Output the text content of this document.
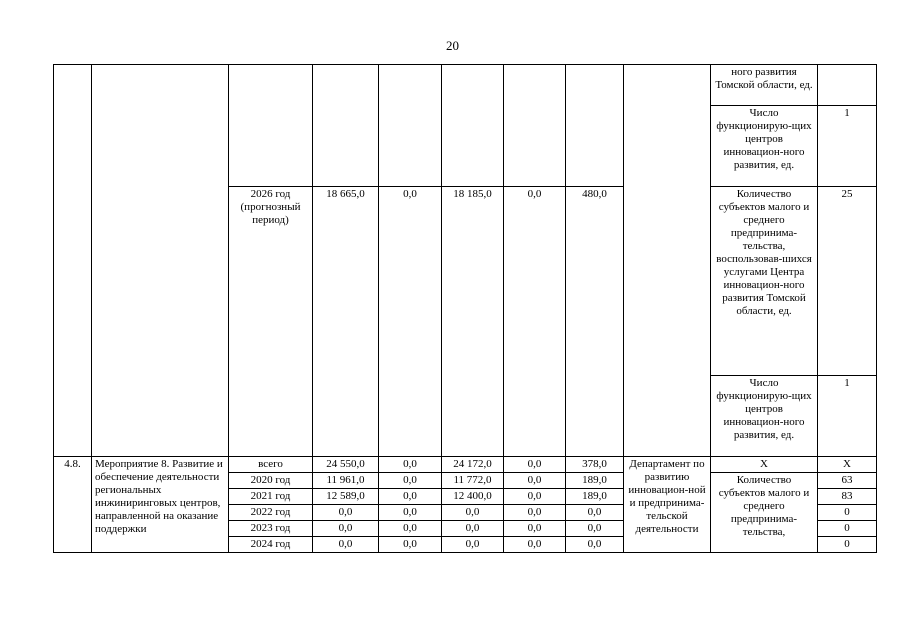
20
									ного развития Томской области, ед.	
									Число функционирую-щих центров инновацион-ного развития, ед.	1
		2026 год (прогнозный период)	18 665,0	0,0	18 185,0	0,0	480,0		Количество субъектов малого и среднего предпринима-тельства, воспользовав-шихся услугами Центра инновацион-ного развития Томской области, ед.	25
									Число функционирую-щих центров инновацион-ного развития, ед.	1
4.8.	Мероприятие 8. Развитие и обеспечение деятельности региональных инжиниринговых центров, направленной на оказание поддержки	всего	24 550,0	0,0	24 172,0	0,0	378,0	Департамент по развитию инновацион-ной и предпринима-тельской деятельности	Х	Х
		2020 год	11 961,0	0,0	11 772,0	0,0	189,0		Количество субъектов малого и среднего предпринима-тельства,	63
		2021 год	12 589,0	0,0	12 400,0	0,0	189,0			83
		2022 год	0,0	0,0	0,0	0,0	0,0			0
		2023 год	0,0	0,0	0,0	0,0	0,0			0
		2024 год	0,0	0,0	0,0	0,0	0,0			0
